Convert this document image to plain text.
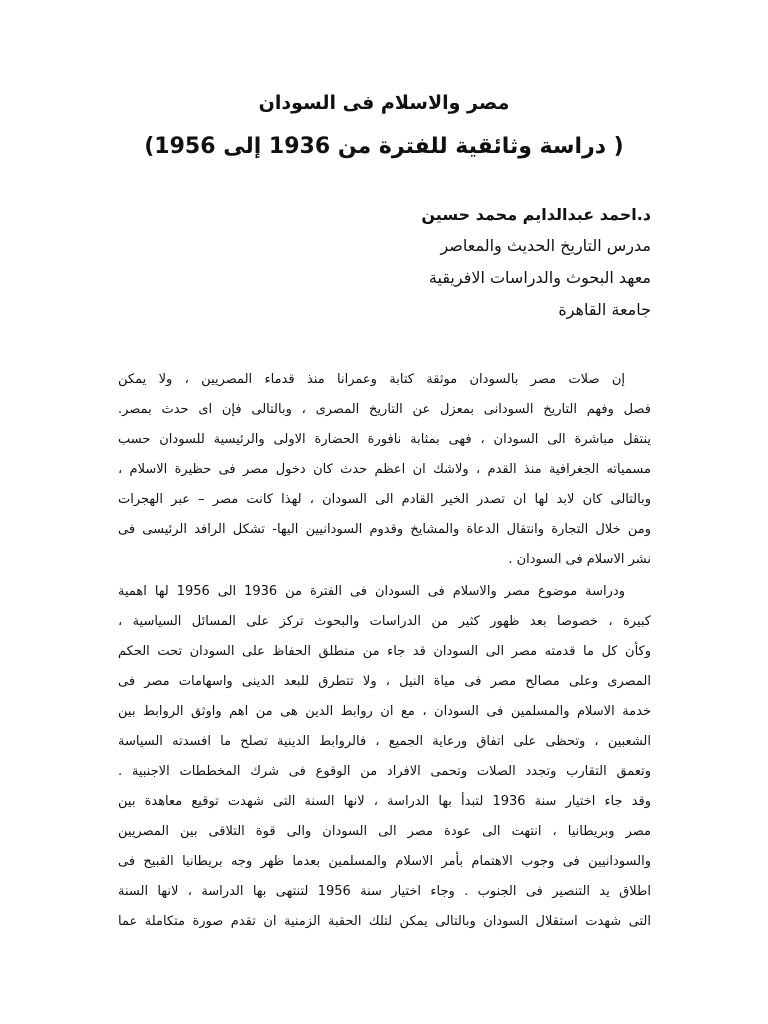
مصر والاسلام فى السودان
( دراسة وثائقية للفترة من 1936 إلى 1956)
د.احمد عبدالدايم محمد حسين
مدرس التاريخ الحديث والمعاصر
معهد البحوث والدراسات الافريقية
جامعة القاهرة
إن صلات مصر بالسودان موثقة كتابة وعمرانا منذ قدماء المصريين ، ولا يمكن
فصل وفهم التاريخ السودانى بمعزل عن التاريخ المصرى ، وبالتالى فإن اى حدث بمصر.
ينتقل مباشرة الى السودان ، فهى بمثابة نافورة الحضارة الاولى والرئيسية للسودان حسب
مسمياته الجغرافية منذ القدم ، ولاشك ان اعظم حدث كان دخول مصر فى حظيرة الاسلام ،
وبالتالى كان لابد لها ان تصدر الخير القادم الى السودان ، لهذا كانت مصر – عبر الهجرات
ومن خلال التجارة وانتقال الدعاة والمشايخ وقدوم السودانيين اليها- تشكل الرافد الرئيسى فى
نشر الاسلام فى السودان .
ودراسة موضوع مصر والاسلام فى السودان فى الفترة من 1936 الى 1956 لها اهمية
كبيرة ، خصوصا بعد ظهور كثير من الدراسات والبحوث تركز على المسائل السياسية ،
وكأن كل ما قدمته مصر الى السودان قد جاء من منطلق الحفاظ على السودان تحت الحكم
المصرى وعلى مصالح مصر فى مياة النيل ، ولا تتطرق للبعد الدينى واسهامات مصر فى
خدمة الاسلام والمسلمين فى السودان ، مع ان روابط الدين هى من اهم واوثق الروابط بين
الشعبين ، وتحظى على اتفاق ورعاية الجميع ، فالروابط الدينية تصلح ما افسدته السياسة
وتعمق التقارب وتجدد الصلات وتحمى الافراد من الوقوع فى شرك المخططات الاجنبية .
وقد جاء اختيار سنة 1936 لتبدأ بها الدراسة ، لانها السنة التى شهدت توقيع معاهدة بين
مصر وبريطانيا ، انتهت الى عودة مصر الى السودان والى قوة التلاقى بين المصريين
والسودانيين فى وجوب الاهتمام بأمر الاسلام والمسلمين بعدما ظهر وجه بريطانيا القبيح فى
اطلاق يد التنصير فى الجنوب . وجاء اختيار سنة 1956 لتنتهى بها الدراسة ، لانها السنة
التى شهدت استقلال السودان وبالتالى يمكن لتلك الحقبة الزمنية ان تقدم صورة متكاملة عما
